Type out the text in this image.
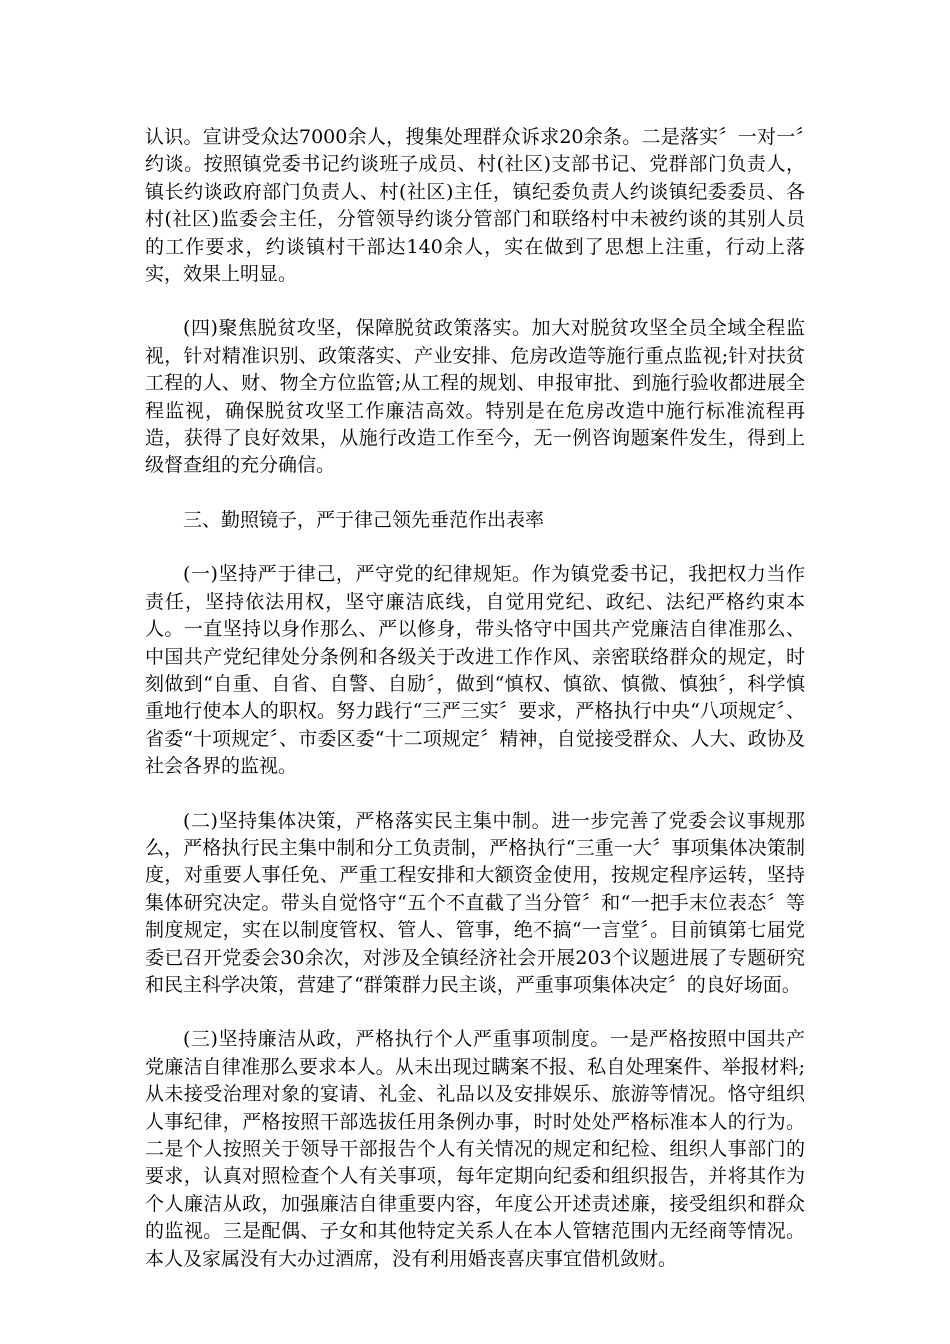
认识。宣讲受众达7000余人，搜集处理群众诉求20余条。二是落实〞一对一〞约谈。按照镇党委书记约谈班子成员、村(社区)支部书记、党群部门负责人，镇长约谈政府部门负责人、村(社区)主任，镇纪委负责人约谈镇纪委委员、各村(社区)监委会主任，分管领导约谈分管部门和联络村中未被约谈的其别人员的工作要求，约谈镇村干部达140余人，实在做到了思想上注重，行动上落实，效果上明显。

(四)聚焦脱贫攻坚，保障脱贫政策落实。加大对脱贫攻坚全员全域全程监视，针对精准识别、政策落实、产业安排、危房改造等施行重点监视;针对扶贫工程的人、财、物全方位监管;从工程的规划、申报审批、到施行验收都进展全程监视，确保脱贫攻坚工作廉洁高效。特别是在危房改造中施行标准流程再造，获得了良好效果，从施行改造工作至今，无一例咨询题案件发生，得到上级督查组的充分确信。

三、勤照镜子，严于律己领先垂范作出表率

(一)坚持严于律己，严守党的纪律规矩。作为镇党委书记，我把权力当作责任，坚持依法用权，坚守廉洁底线，自觉用党纪、政纪、法纪严格约束本人。一直坚持以身作那么、严以修身，带头恪守中国共产党廉洁自律准那么、中国共产党纪律处分条例和各级关于改进工作作风、亲密联络群众的规定，时刻做到“自重、自省、自警、自励〞，做到“慎权、慎欲、慎微、慎独〞，科学慎重地行使本人的职权。努力践行“三严三实〞要求，严格执行中央“八项规定〞、省委“十项规定〞、市委区委“十二项规定〞精神，自觉接受群众、人大、政协及社会各界的监视。

(二)坚持集体决策，严格落实民主集中制。进一步完善了党委会议事规那么，严格执行民主集中制和分工负责制，严格执行“三重一大〞事项集体决策制度，对重要人事任免、严重工程安排和大额资金使用，按规定程序运转，坚持集体研究决定。带头自觉恪守“五个不直截了当分管〞和“一把手末位表态〞等制度规定，实在以制度管权、管人、管事，绝不搞“一言堂〞。目前镇第七届党委已召开党委会30余次，对涉及全镇经济社会开展203个议题进展了专题研究和民主科学决策，营建了“群策群力民主谈，严重事项集体决定〞的良好场面。

(三)坚持廉洁从政，严格执行个人严重事项制度。一是严格按照中国共产党廉洁自律准那么要求本人。从未出现过瞒案不报、私自处理案件、举报材料;从未接受治理对象的宴请、礼金、礼品以及安排娱乐、旅游等情况。恪守组织人事纪律，严格按照干部选拔任用条例办事，时时处处严格标准本人的行为。二是个人按照关于领导干部报告个人有关情况的规定和纪检、组织人事部门的要求，认真对照检查个人有关事项，每年定期向纪委和组织报告，并将其作为个人廉洁从政，加强廉洁自律重要内容，年度公开述责述廉，接受组织和群众的监视。三是配偶、子女和其他特定关系人在本人管辖范围内无经商等情况。本人及家属没有大办过酒席，没有利用婚丧喜庆事宜借机敛财。
